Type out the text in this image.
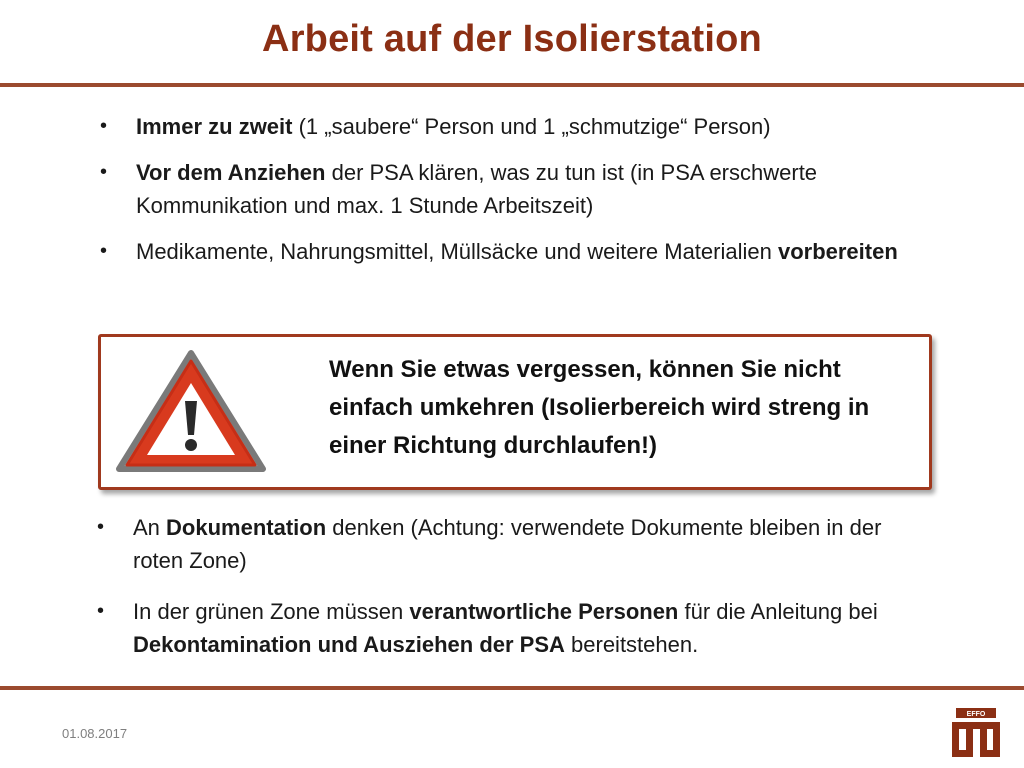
Arbeit auf der Isolierstation
• Immer zu zweit (1 „saubere“ Person und 1 „schmutzige“ Person)
• Vor dem Anziehen der PSA klären, was zu tun ist (in PSA erschwerte Kommunikation und max. 1 Stunde Arbeitszeit)
• Medikamente, Nahrungsmittel, Müllsäcke und weitere Materialien vorbereiten
Wenn Sie etwas vergessen, können Sie nicht einfach umkehren (Isolierbereich wird streng in einer Richtung durchlaufen!)
• An Dokumentation denken (Achtung: verwendete Dokumente bleiben in der roten Zone)
• In der grünen Zone müssen verantwortliche Personen für die Anleitung bei Dekontamination und Ausziehen der PSA bereitstehen.
01.08.2017
EFFO
